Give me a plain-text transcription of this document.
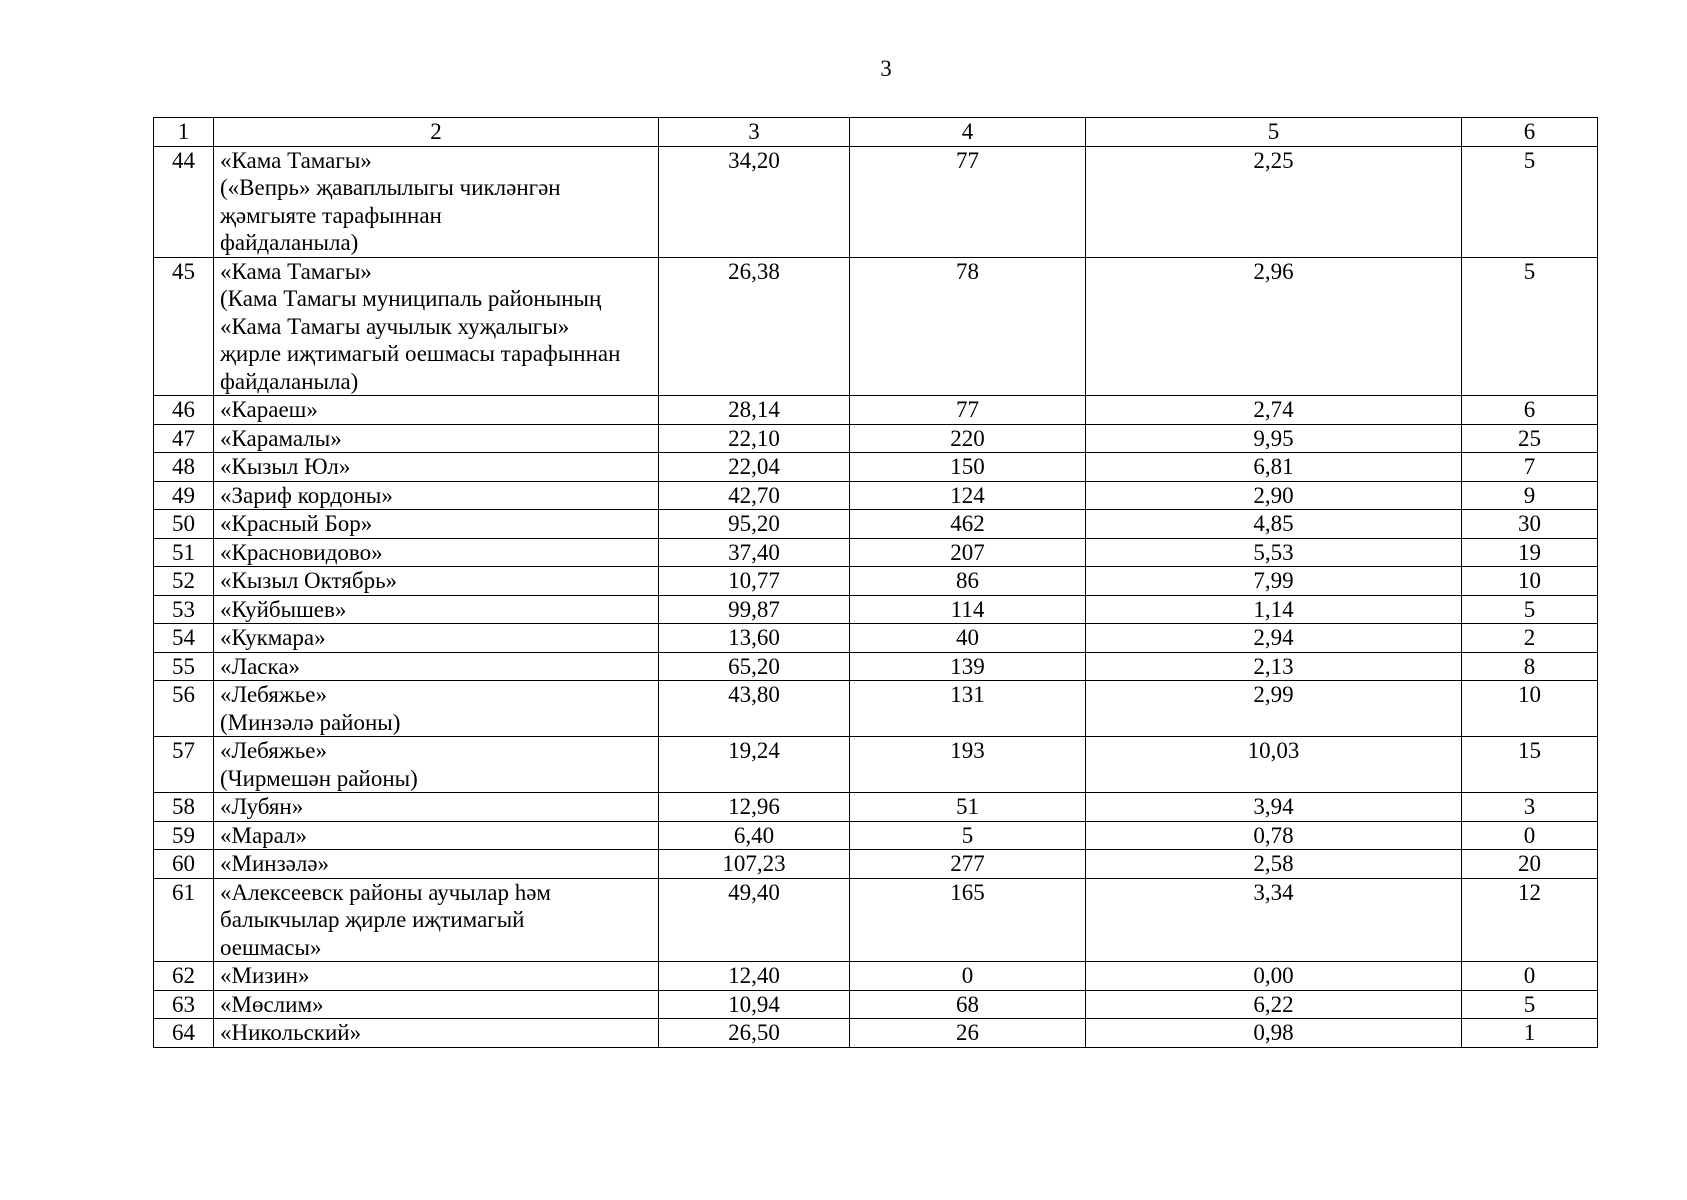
3
1	2	3	4	5	6
44	«Кама Тамагы»
(«Вепрь» җаваплылыгы чикләнгән
җәмгыяте тарафыннан
файдаланыла)	34,20	77	2,25	5
45	«Кама Тамагы»
(Кама Тамагы муниципаль районының
«Кама Тамагы аучылык хуҗалыгы»
җирле иҗтимагый оешмасы тарафыннан
файдаланыла)	26,38	78	2,96	5
46	«Караеш»	28,14	77	2,74	6
47	«Карамалы»	22,10	220	9,95	25
48	«Кызыл Юл»	22,04	150	6,81	7
49	«Зариф кордоны»	42,70	124	2,90	9
50	«Красный Бор»	95,20	462	4,85	30
51	«Красновидово»	37,40	207	5,53	19
52	«Кызыл Октябрь»	10,77	86	7,99	10
53	«Куйбышев»	99,87	114	1,14	5
54	«Кукмара»	13,60	40	2,94	2
55	«Ласка»	65,20	139	2,13	8
56	«Лебяжье»
(Минзәлә районы)	43,80	131	2,99	10
57	«Лебяжье»
(Чирмешән районы)	19,24	193	10,03	15
58	«Лубян»	12,96	51	3,94	3
59	«Марал»	6,40	5	0,78	0
60	«Минзәлә»	107,23	277	2,58	20
61	«Алексеевск районы аучылар һәм
балыкчылар җирле иҗтимагый
оешмасы»	49,40	165	3,34	12
62	«Мизин»	12,40	0	0,00	0
63	«Мөслим»	10,94	68	6,22	5
64	«Никольский»	26,50	26	0,98	1
